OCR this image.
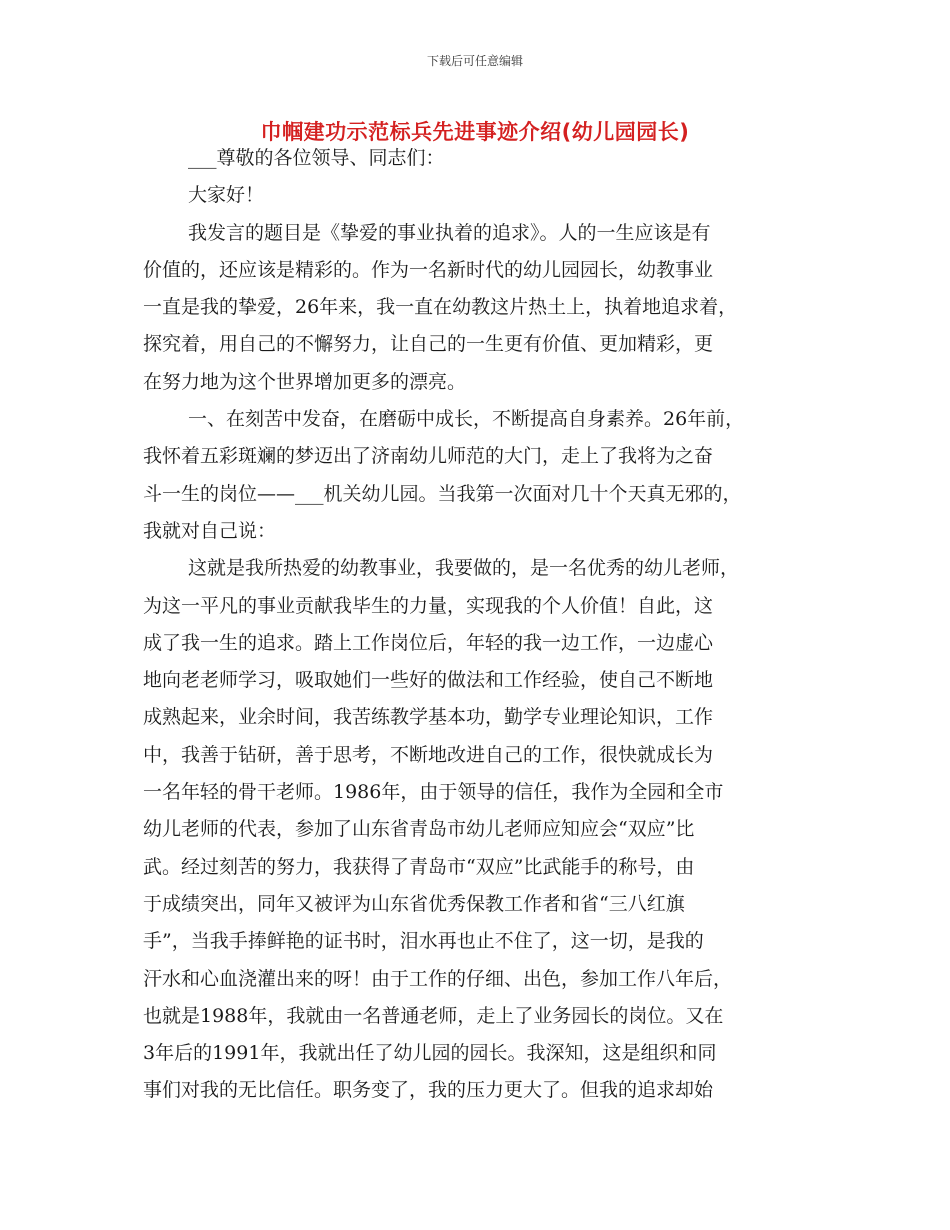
下载后可任意编辑
巾帼建功示范标兵先进事迹介绍(幼儿园园长)
___尊敬的各位领导、同志们：
大家好！
我发言的题目是《挚爱的事业执着的追求》。人的一生应该是有
价值的，还应该是精彩的。作为一名新时代的幼儿园园长，幼教事业
一直是我的挚爱，26年来，我一直在幼教这片热土上，执着地追求着，
探究着，用自己的不懈努力，让自己的一生更有价值、更加精彩，更
在努力地为这个世界增加更多的漂亮。
一、在刻苦中发奋，在磨砺中成长，不断提高自身素养。26年前，
我怀着五彩斑斓的梦迈出了济南幼儿师范的大门，走上了我将为之奋
斗一生的岗位——___机关幼儿园。当我第一次面对几十个天真无邪的，
我就对自己说：
这就是我所热爱的幼教事业，我要做的，是一名优秀的幼儿老师，
为这一平凡的事业贡献我毕生的力量，实现我的个人价值！自此，这
成了我一生的追求。踏上工作岗位后，年轻的我一边工作，一边虚心
地向老老师学习，吸取她们一些好的做法和工作经验，使自己不断地
成熟起来，业余时间，我苦练教学基本功，勤学专业理论知识，工作
中，我善于钻研，善于思考，不断地改进自己的工作，很快就成长为
一名年轻的骨干老师。1986年，由于领导的信任，我作为全园和全市
幼儿老师的代表，参加了山东省青岛市幼儿老师应知应会“双应”比
武。经过刻苦的努力，我获得了青岛市“双应”比武能手的称号，由
于成绩突出，同年又被评为山东省优秀保教工作者和省“三八红旗
手”，当我手捧鲜艳的证书时，泪水再也止不住了，这一切，是我的
汗水和心血浇灌出来的呀！由于工作的仔细、出色，参加工作八年后，
也就是1988年，我就由一名普通老师，走上了业务园长的岗位。又在
3年后的1991年，我就出任了幼儿园的园长。我深知，这是组织和同
事们对我的无比信任。职务变了，我的压力更大了。但我的追求却始
